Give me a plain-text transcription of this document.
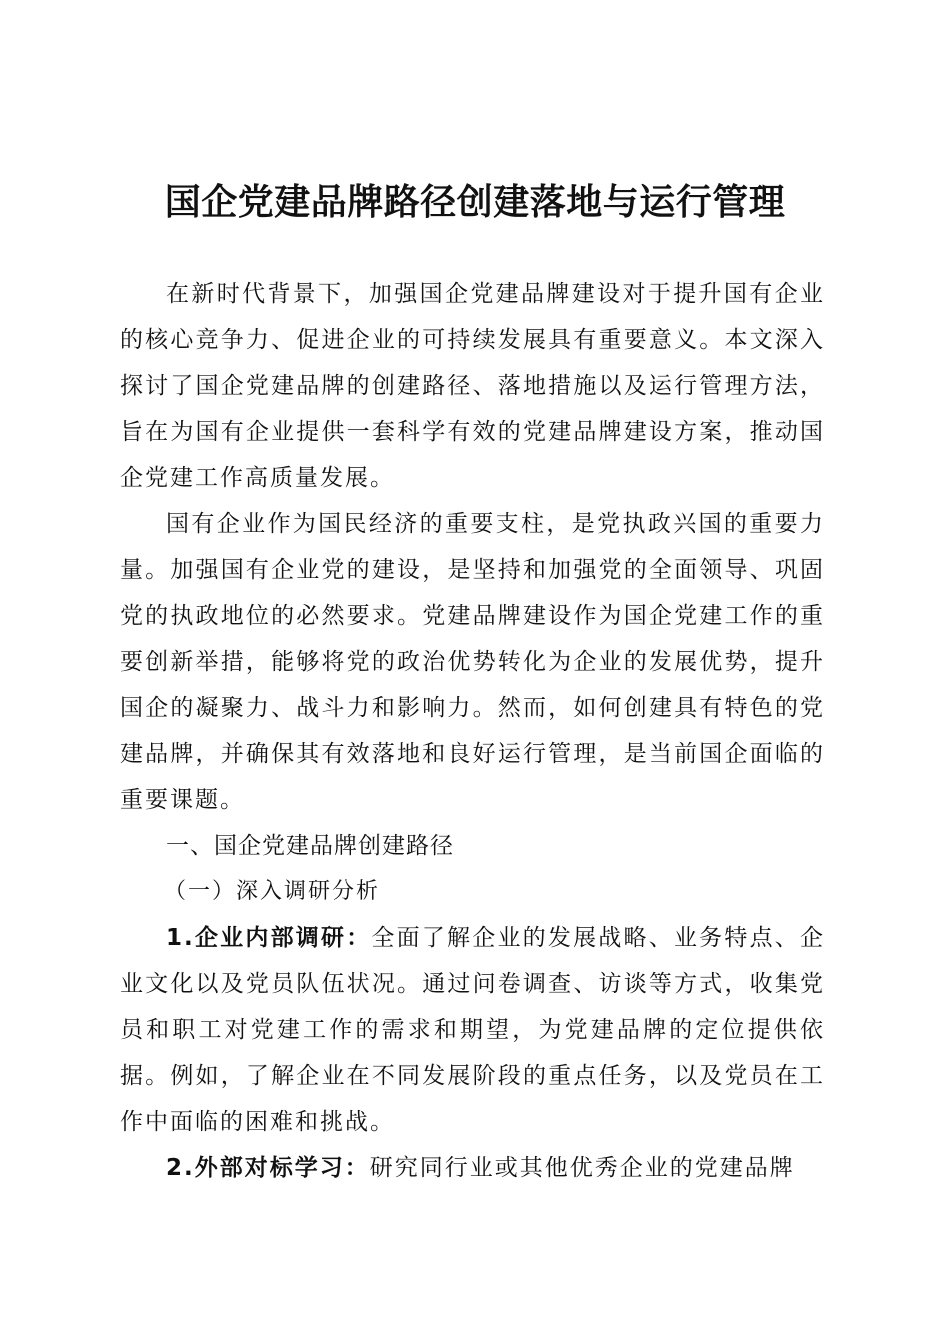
国企党建品牌路径创建落地与运行管理

在新时代背景下，加强国企党建品牌建设对于提升国有企业的核心竞争力、促进企业的可持续发展具有重要意义。本文深入探讨了国企党建品牌的创建路径、落地措施以及运行管理方法，旨在为国有企业提供一套科学有效的党建品牌建设方案，推动国企党建工作高质量发展。

国有企业作为国民经济的重要支柱，是党执政兴国的重要力量。加强国有企业党的建设，是坚持和加强党的全面领导、巩固党的执政地位的必然要求。党建品牌建设作为国企党建工作的重要创新举措，能够将党的政治优势转化为企业的发展优势，提升国企的凝聚力、战斗力和影响力。然而，如何创建具有特色的党建品牌，并确保其有效落地和良好运行管理，是当前国企面临的重要课题。

一、国企党建品牌创建路径

（一）深入调研分析

1.企业内部调研：全面了解企业的发展战略、业务特点、企业文化以及党员队伍状况。通过问卷调查、访谈等方式，收集党员和职工对党建工作的需求和期望，为党建品牌的定位提供依据。例如，了解企业在不同发展阶段的重点任务，以及党员在工作中面临的困难和挑战。

2.外部对标学习：研究同行业或其他优秀企业的党建品牌
